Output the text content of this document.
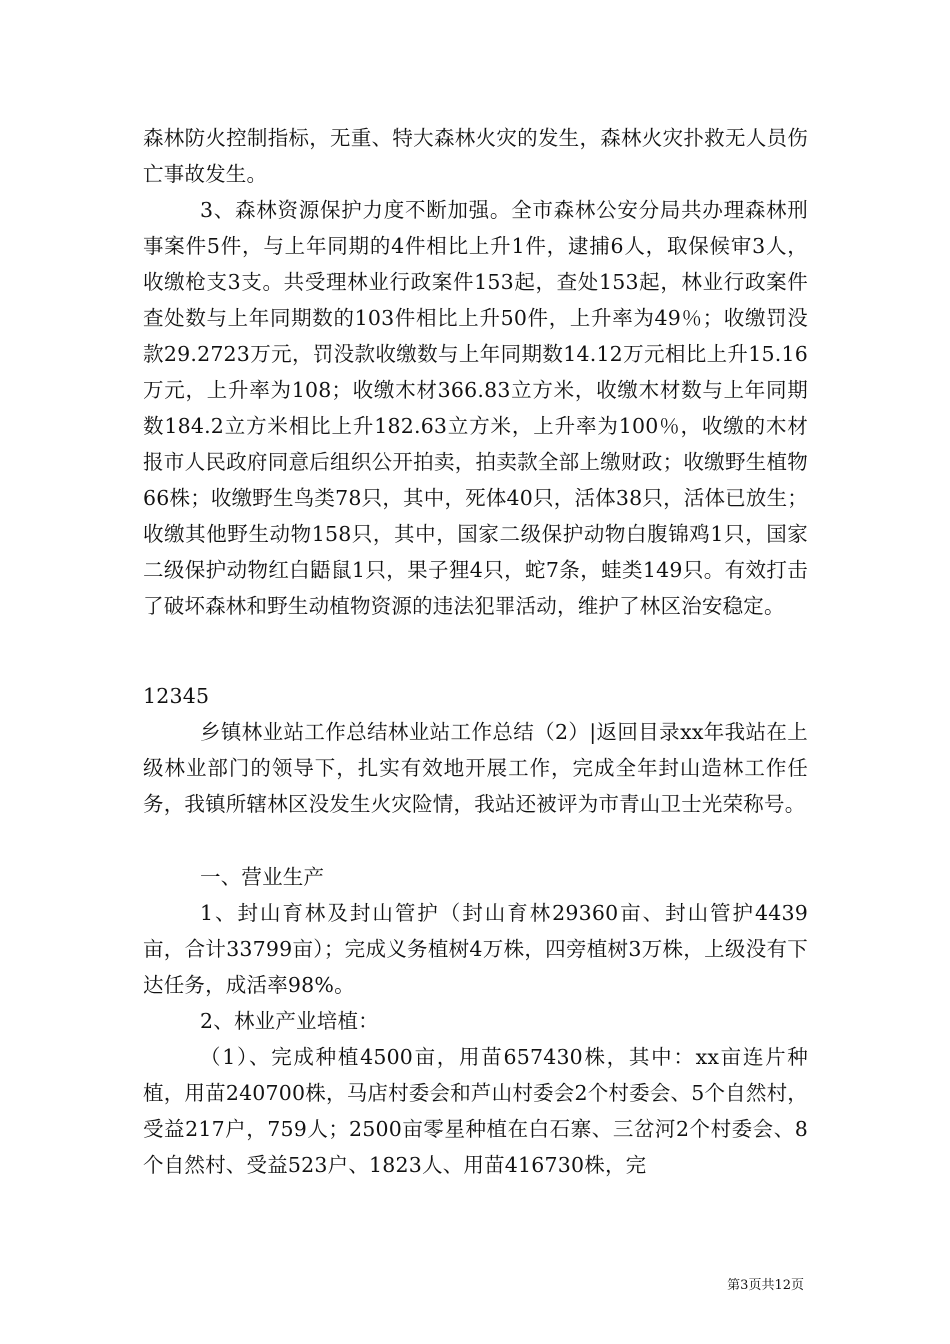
森林防火控制指标，无重、特大森林火灾的发生，森林火灾扑救无人员伤亡事故发生。

3、森林资源保护力度不断加强。全市森林公安分局共办理森林刑事案件5件，与上年同期的4件相比上升1件，逮捕6人，取保候审3人，收缴枪支3支。共受理林业行政案件153起，查处153起，林业行政案件查处数与上年同期数的103件相比上升50件，上升率为49％；收缴罚没款29.2723万元，罚没款收缴数与上年同期数14.12万元相比上升15.16万元，上升率为108；收缴木材366.83立方米，收缴木材数与上年同期数184.2立方米相比上升182.63立方米，上升率为100％，收缴的木材报市人民政府同意后组织公开拍卖，拍卖款全部上缴财政；收缴野生植物66株；收缴野生鸟类78只，其中，死体40只，活体38只，活体已放生；收缴其他野生动物158只，其中，国家二级保护动物白腹锦鸡1只，国家二级保护动物红白鼯鼠1只，果子狸4只，蛇7条，蛙类149只。有效打击了破坏森林和野生动植物资源的违法犯罪活动，维护了林区治安稳定。

12345

乡镇林业站工作总结林业站工作总结（2）|返回目录xx年我站在上级林业部门的领导下，扎实有效地开展工作，完成全年封山造林工作任务，我镇所辖林区没发生火灾险情，我站还被评为市青山卫士光荣称号。

一、营业生产

1、封山育林及封山管护（封山育林29360亩、封山管护4439亩，合计33799亩）；完成义务植树4万株，四旁植树3万株，上级没有下达任务，成活率98%。

2、林业产业培植：

（1）、完成种植4500亩，用苗657430株，其中：xx亩连片种植，用苗240700株，马店村委会和芦山村委会2个村委会、5个自然村，受益217户，759人；2500亩零星种植在白石寨、三岔河2个村委会、8个自然村、受益523户、1823人、用苗416730株，完

第3页共12页
